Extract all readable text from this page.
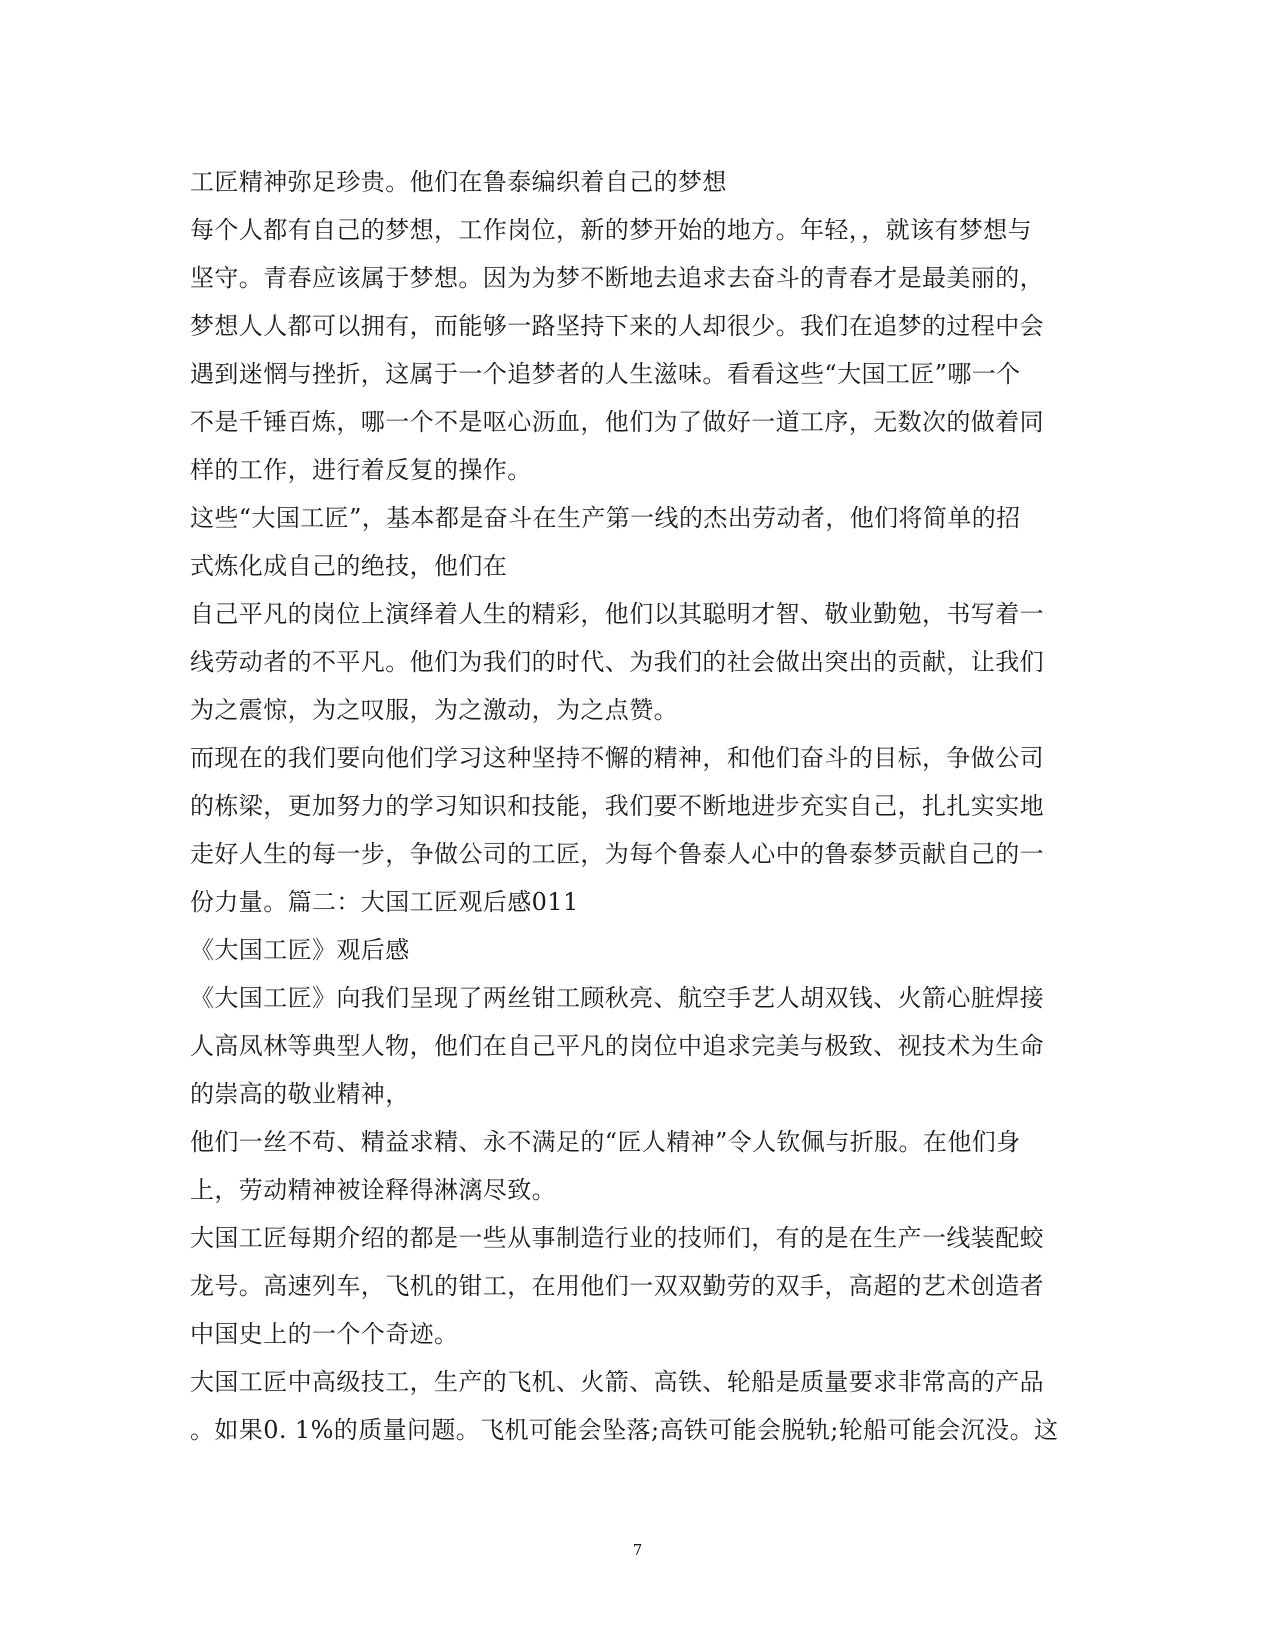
工匠精神弥足珍贵。他们在鲁泰编织着自己的梦想
每个人都有自己的梦想，工作岗位，新的梦开始的地方。年轻，，就该有梦想与
坚守。青春应该属于梦想。因为为梦不断地去追求去奋斗的青春才是最美丽的，
梦想人人都可以拥有，而能够一路坚持下来的人却很少。我们在追梦的过程中会
遇到迷惘与挫折，这属于一个追梦者的人生滋味。看看这些“大国工匠”哪一个
不是千锤百炼，哪一个不是呕心沥血，他们为了做好一道工序，无数次的做着同
样的工作，进行着反复的操作。
这些“大国工匠”，基本都是奋斗在生产第一线的杰出劳动者，他们将简单的招
式炼化成自己的绝技，他们在
自己平凡的岗位上演绎着人生的精彩，他们以其聪明才智、敬业勤勉，书写着一
线劳动者的不平凡。他们为我们的时代、为我们的社会做出突出的贡献，让我们
为之震惊，为之叹服，为之激动，为之点赞。
而现在的我们要向他们学习这种坚持不懈的精神，和他们奋斗的目标，争做公司
的栋梁，更加努力的学习知识和技能，我们要不断地进步充实自己，扎扎实实地
走好人生的每一步，争做公司的工匠，为每个鲁泰人心中的鲁泰梦贡献自己的一
份力量。篇二：大国工匠观后感011
《大国工匠》观后感
《大国工匠》向我们呈现了两丝钳工顾秋亮、航空手艺人胡双钱、火箭心脏焊接
人高凤林等典型人物，他们在自己平凡的岗位中追求完美与极致、视技术为生命
的崇高的敬业精神，
他们一丝不苟、精益求精、永不满足的“匠人精神”令人钦佩与折服。在他们身
上，劳动精神被诠释得淋漓尽致。
大国工匠每期介绍的都是一些从事制造行业的技师们，有的是在生产一线装配蛟
龙号。高速列车，飞机的钳工，在用他们一双双勤劳的双手，高超的艺术创造者
中国史上的一个个奇迹。
大国工匠中高级技工，生产的飞机、火箭、高铁、轮船是质量要求非常高的产品
。如果0. 1%的质量问题。飞机可能会坠落;高铁可能会脱轨;轮船可能会沉没。这
7
